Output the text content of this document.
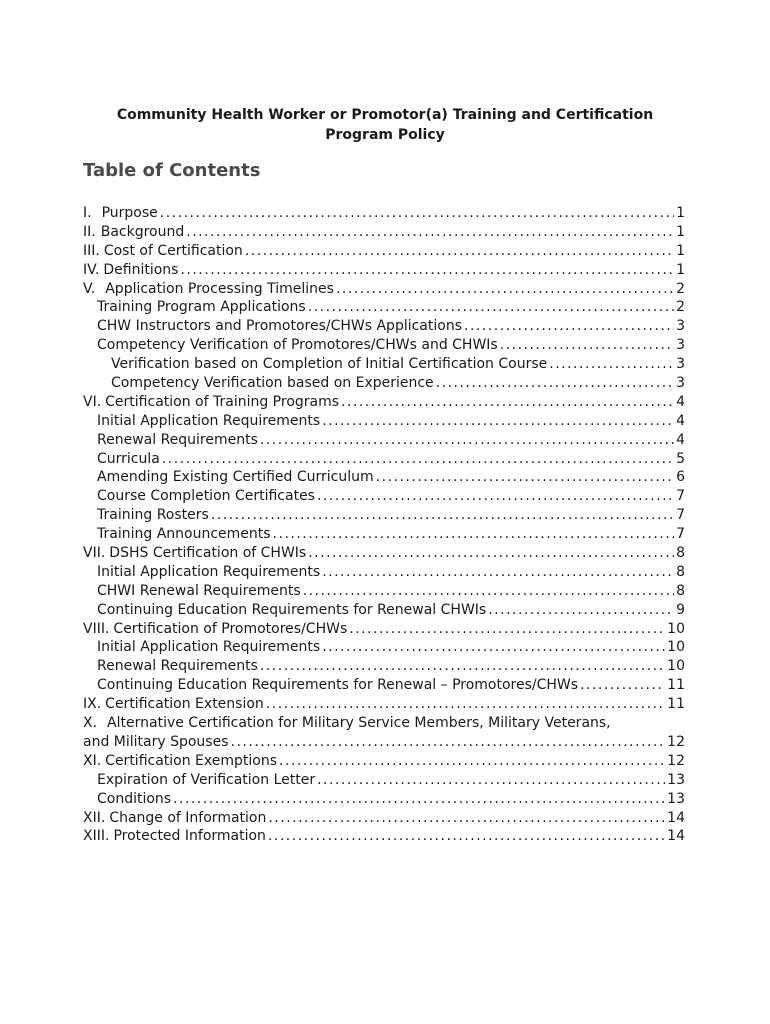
Community Health Worker or Promotor(a) Training and Certification
Program Policy
Table of Contents
I. Purpose .....	1
II. Background .....	1
III. Cost of Certification .....	1
IV. Definitions .....	1
V. Application Processing Timelines .....	2
Training Program Applications .....	2
CHW Instructors and Promotores/CHWs Applications .....	3
Competency Verification of Promotores/CHWs and CHWIs .....	3
Verification based on Completion of Initial Certification Course .....	3
Competency Verification based on Experience .....	3
VI. Certification of Training Programs .....	4
Initial Application Requirements .....	4
Renewal Requirements .....	4
Curricula .....	5
Amending Existing Certified Curriculum .....	6
Course Completion Certificates .....	7
Training Rosters .....	7
Training Announcements .....	7
VII. DSHS Certification of CHWIs .....	8
Initial Application Requirements .....	8
CHWI Renewal Requirements .....	8
Continuing Education Requirements for Renewal CHWIs .....	9
VIII. Certification of Promotores/CHWs .....	10
Initial Application Requirements .....	10
Renewal Requirements .....	10
Continuing Education Requirements for Renewal – Promotores/CHWs .....	11
IX. Certification Extension .....	11
X. Alternative Certification for Military Service Members, Military Veterans,
and Military Spouses .....	12
XI. Certification Exemptions .....	12
Expiration of Verification Letter .....	13
Conditions .....	13
XII. Change of Information .....	14
XIII. Protected Information .....	14
